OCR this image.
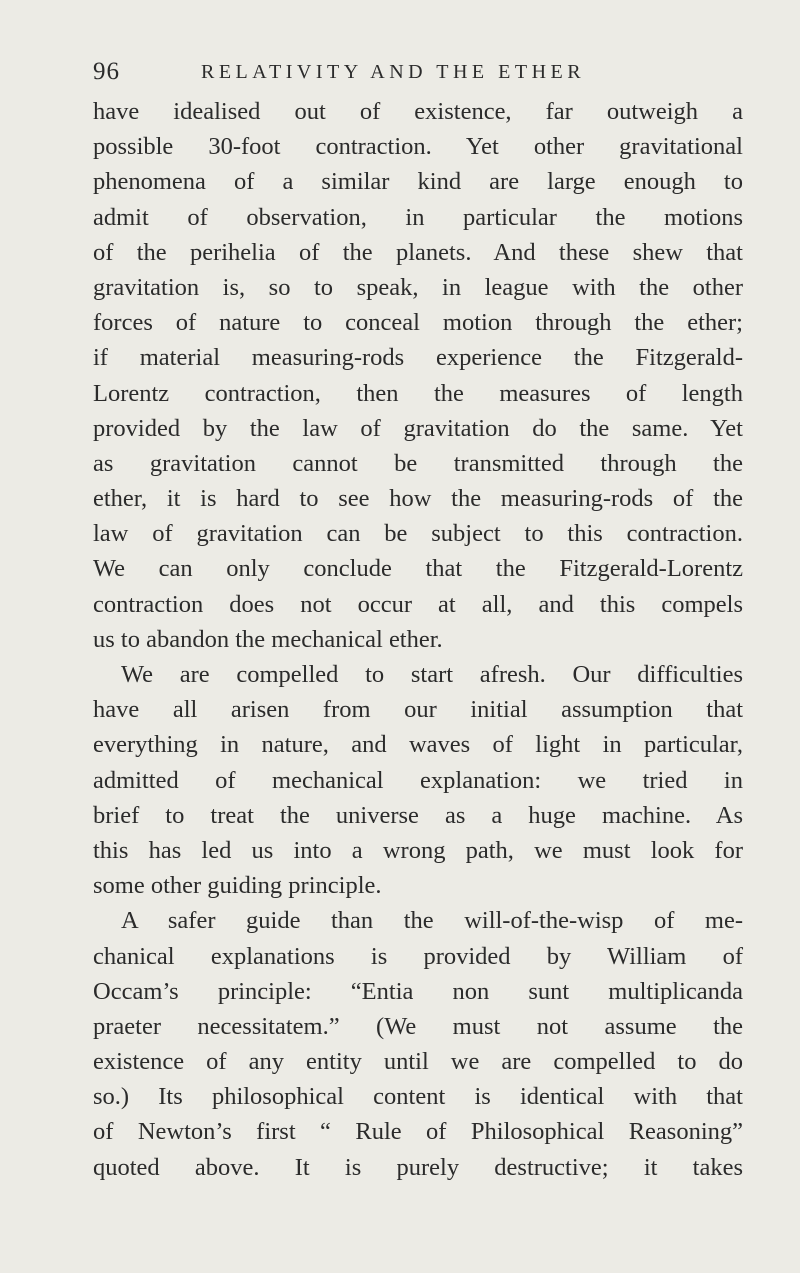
96	RELATIVITY AND THE ETHER
have idealised out of existence, far outweigh a
possible 30-foot contraction. Yet other gravitational
phenomena of a similar kind are large enough to
admit of observation, in particular the motions
of the perihelia of the planets. And these shew that
gravitation is, so to speak, in league with the other
forces of nature to conceal motion through the ether;
if material measuring-rods experience the Fitzgerald-
Lorentz contraction, then the measures of length
provided by the law of gravitation do the same. Yet
as gravitation cannot be transmitted through the
ether, it is hard to see how the measuring-rods of the
law of gravitation can be subject to this contraction.
We can only conclude that the Fitzgerald-Lorentz
contraction does not occur at all, and this compels
us to abandon the mechanical ether.
We are compelled to start afresh. Our difficulties
have all arisen from our initial assumption that
everything in nature, and waves of light in particular,
admitted of mechanical explanation: we tried in
brief to treat the universe as a huge machine. As
this has led us into a wrong path, we must look for
some other guiding principle.
A safer guide than the will-of-the-wisp of me-
chanical explanations is provided by William of
Occam’s principle: “Entia non sunt multiplicanda
praeter necessitatem.” (We must not assume the
existence of any entity until we are compelled to do
so.) Its philosophical content is identical with that
of Newton’s first “ Rule of Philosophical Reasoning”
quoted above. It is purely destructive; it takes
